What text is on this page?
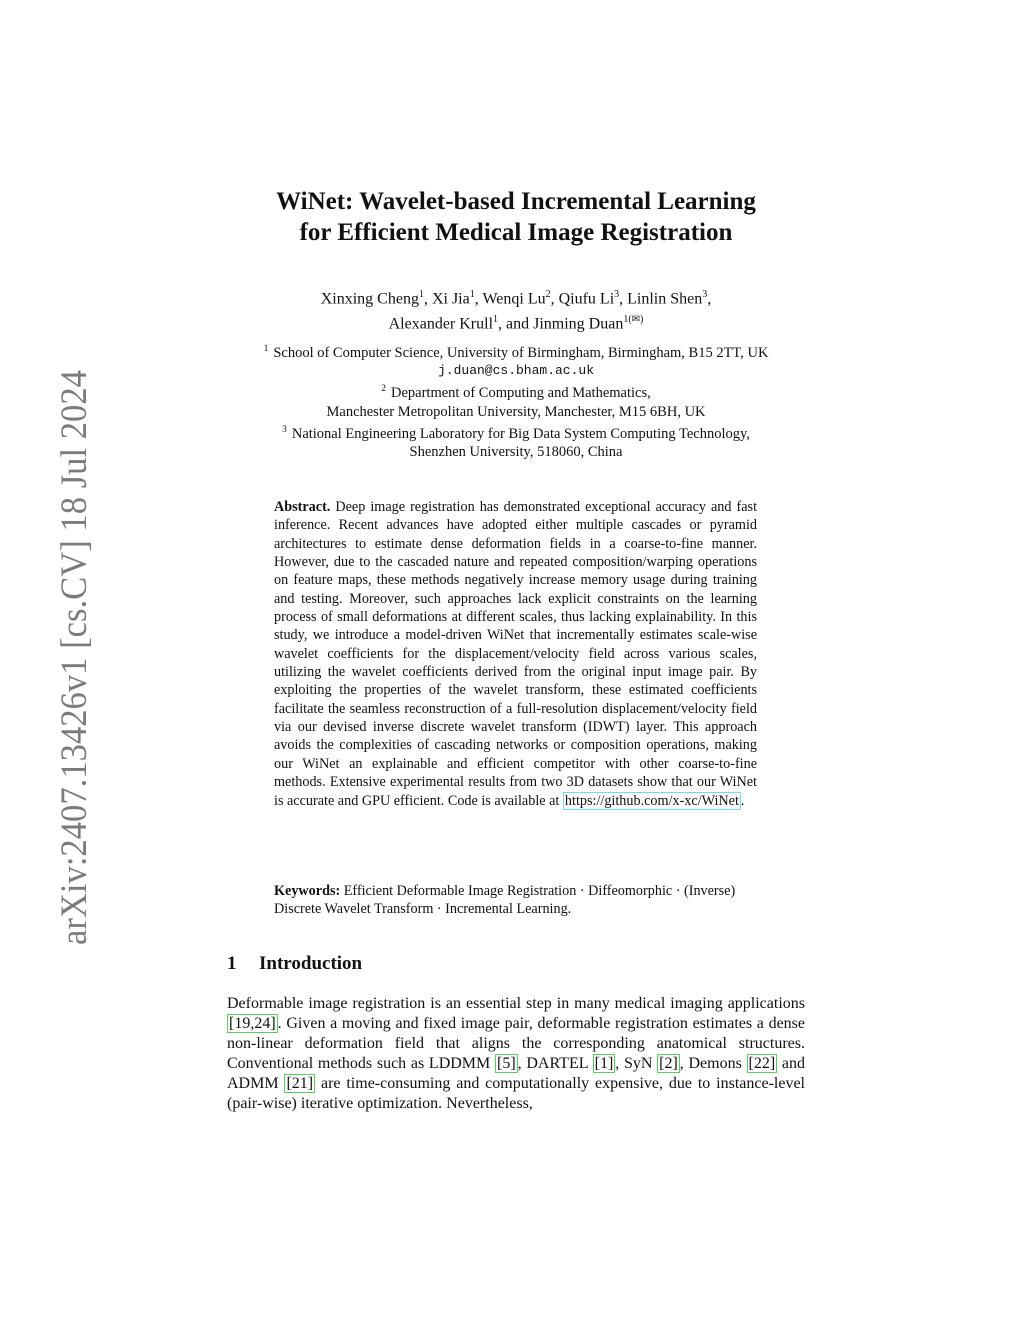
arXiv:2407.13426v1 [cs.CV] 18 Jul 2024
WiNet: Wavelet-based Incremental Learning
for Efficient Medical Image Registration
Xinxing Cheng$^1$, Xi Jia$^1$, Wenqi Lu$^2$, Qiufu Li$^3$, Linlin Shen$^3$,
Alexander Krull$^1$, and Jinming Duan$^{1(✉)}$
$^1$ School of Computer Science, University of Birmingham, Birmingham, B15 2TT, UK
j.duan@cs.bham.ac.uk
$^2$ Department of Computing and Mathematics,
Manchester Metropolitan University, Manchester, M15 6BH, UK
$^3$ National Engineering Laboratory for Big Data System Computing Technology,
Shenzhen University, 518060, China
Abstract. Deep image registration has demonstrated exceptional accuracy and fast inference. Recent advances have adopted either multiple cascades or pyramid architectures to estimate dense deformation fields in a coarse-to-fine manner. However, due to the cascaded nature and repeated composition/warping operations on feature maps, these methods negatively increase memory usage during training and testing. Moreover, such approaches lack explicit constraints on the learning process of small deformations at different scales, thus lacking explainability. In this study, we introduce a model-driven WiNet that incrementally estimates scale-wise wavelet coefficients for the displacement/velocity field across various scales, utilizing the wavelet coefficients derived from the original input image pair. By exploiting the properties of the wavelet transform, these estimated coefficients facilitate the seamless reconstruction of a full-resolution displacement/velocity field via our devised inverse discrete wavelet transform (IDWT) layer. This approach avoids the complexities of cascading networks or composition operations, making our WiNet an explainable and efficient competitor with other coarse-to-fine methods. Extensive experimental results from two 3D datasets show that our WiNet is accurate and GPU efficient. Code is available at https://github.com/x-xc/WiNet .
Keywords: Efficient Deformable Image Registration · Diffeomorphic · (Inverse) Discrete Wavelet Transform · Incremental Learning.
1 Introduction
Deformable image registration is an essential step in many medical imaging applications [19,24] . Given a moving and fixed image pair, deformable registration estimates a dense non-linear deformation field that aligns the corresponding anatomical structures. Conventional methods such as LDDMM [5] , DARTEL [1] , SyN [2] , Demons [22] and ADMM [21] are time-consuming and computationally expensive, due to instance-level (pair-wise) iterative optimization. Nevertheless,
